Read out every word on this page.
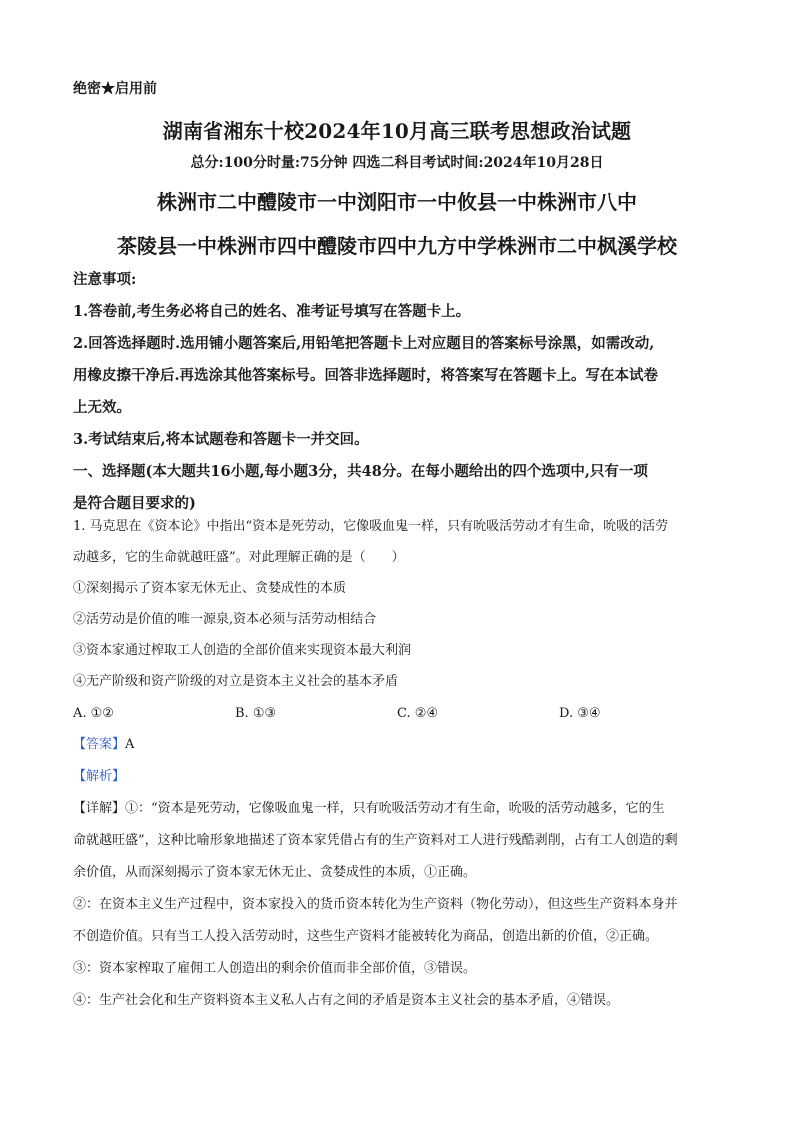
绝密★启用前
湖南省湘东十校2024年10月高三联考思想政治试题
总分:100分时量:75分钟 四选二科目考试时间:2024年10月28日
株洲市二中醴陵市一中浏阳市一中攸县一中株洲市八中
茶陵县一中株洲市四中醴陵市四中九方中学株洲市二中枫溪学校

注意事项:

1.答卷前,考生务必将自己的姓名、准考证号填写在答题卡上。

2.回答选择题时.选用铺小题答案后,用铅笔把答题卡上对应题目的答案标号涂黑，如需改动,

用橡皮擦干净后.再选涂其他答案标号。回答非选择题时，将答案写在答题卡上。写在本试卷

上无效。

3.考试结束后,将本试题卷和答题卡一并交回。

一、选择题(本大题共16小题,每小题3分，共48分。在每小题给出的四个选项中,只有一项

是符合题目要求的)

1. 马克思在《资本论》中指出“资本是死劳动，它像吸血鬼一样，只有吮吸活劳动才有生命，吮吸的活劳

动越多，它的生命就越旺盛”。对此理解正确的是（　　）

①深刻揭示了资本家无休无止、贪婪成性的本质

②活劳动是价值的唯一源泉,资本必须与活劳动相结合

③资本家通过榨取工人创造的全部价值来实现资本最大利润

④无产阶级和资产阶级的对立是资本主义社会的基本矛盾

A. ①②	B. ①③	C. ②④	D. ③④

【答案】A

【解析】

【详解】①：“资本是死劳动，它像吸血鬼一样，只有吮吸活劳动才有生命，吮吸的活劳动越多，它的生

命就越旺盛”，这种比喻形象地描述了资本家凭借占有的生产资料对工人进行残酷剥削，占有工人创造的剩

余价值，从而深刻揭示了资本家无休无止、贪婪成性的本质，①正确。

②：在资本主义生产过程中，资本家投入的货币资本转化为生产资料（物化劳动），但这些生产资料本身并

不创造价值。只有当工人投入活劳动时，这些生产资料才能被转化为商品，创造出新的价值，②正确。

③：资本家榨取了雇佣工人创造出的剩余价值而非全部价值，③错误。

④：生产社会化和生产资料资本主义私人占有之间的矛盾是资本主义社会的基本矛盾，④错误。
